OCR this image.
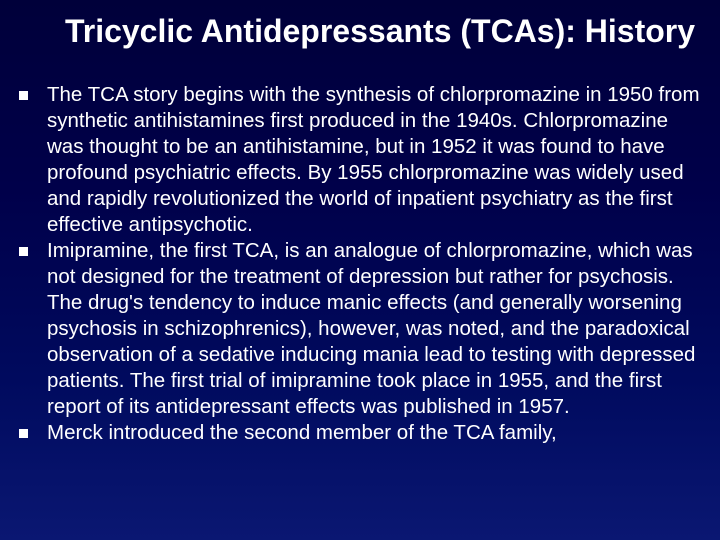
Tricyclic Antidepressants (TCAs): History
The TCA story begins with the synthesis of chlorpromazine in 1950 from synthetic antihistamines first produced in the 1940s. Chlorpromazine was thought to be an antihistamine, but in 1952 it was found to have profound psychiatric effects. By 1955 chlorpromazine was widely used and rapidly revolutionized the world of inpatient psychiatry as the first effective antipsychotic.
Imipramine, the first TCA, is an analogue of chlorpromazine, which was not designed for the treatment of depression but rather for psychosis. The drug's tendency to induce manic effects (and generally worsening psychosis in schizophrenics), however, was noted, and the paradoxical observation of a sedative inducing mania lead to testing with depressed patients. The first trial of imipramine took place in 1955, and the first report of its antidepressant effects was published in 1957.
Merck introduced the second member of the TCA family,
